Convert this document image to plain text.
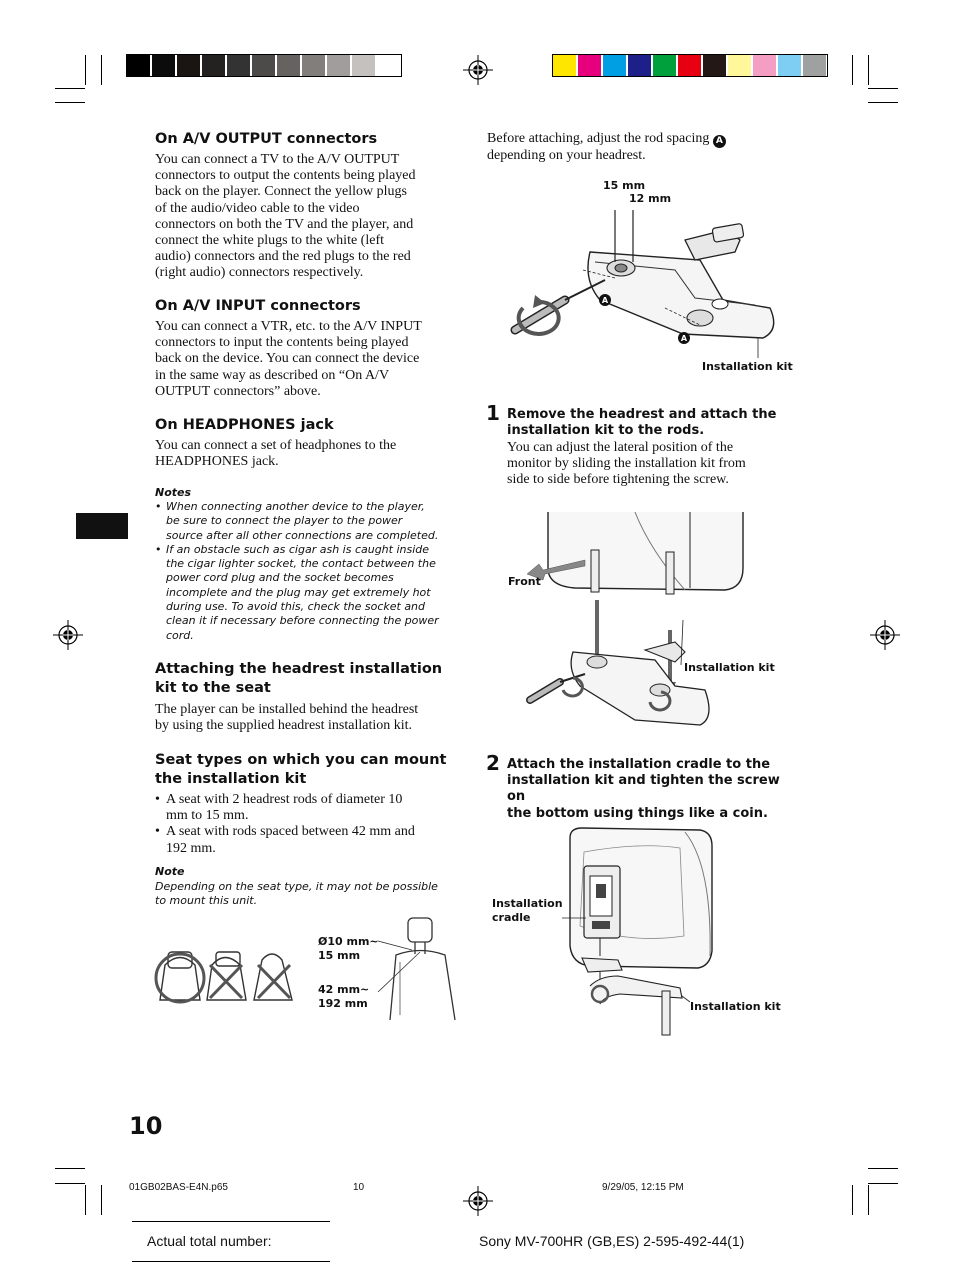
On A/V OUTPUT connectors
You can connect a TV to the A/V OUTPUT
connectors to output the contents being played
back on the player. Connect the yellow plugs
of the audio/video cable to the video
connectors on both the TV and the player, and
connect the white plugs to the white (left
audio) connectors and the red plugs to the red
(right audio) connectors respectively.
On A/V INPUT connectors
You can connect a VTR, etc. to the A/V INPUT
connectors to input the contents being played
back on the device. You can connect the device
in the same way as described on “On A/V
OUTPUT connectors” above.
On HEADPHONES jack
You can connect a set of headphones to the
HEADPHONES jack.
Notes
• When connecting another device to the player,
be sure to connect the player to the power
source after all other connections are completed.
• If an obstacle such as cigar ash is caught inside
the cigar lighter socket, the contact between the
power cord plug and the socket becomes
incomplete and the plug may get extremely hot
during use. To avoid this, check the socket and
clean it if necessary before connecting the power
cord.
Attaching the headrest installation
kit to the seat
The player can be installed behind the headrest
by using the supplied headrest installation kit.
Seat types on which you can mount
the installation kit
• A seat with 2 headrest rods of diameter 10
mm to 15 mm.
• A seat with rods spaced between 42 mm and
192 mm.
Note
Depending on the seat type, it may not be possible
to mount this unit.
Ø10 mm~
15 mm
42 mm~
192 mm
Before attaching, adjust the rod spacing A
depending on your headrest.
A
A
15 mm
12 mm
Installation kit
1 Remove the headrest and attach the
installation kit to the rods.
You can adjust the lateral position of the
monitor by sliding the installation kit from
side to side before tightening the screw.
Front
Installation kit
2 Attach the installation cradle to the
installation kit and tighten the screw on
the bottom using things like a coin.
Installation
cradle
Installation kit
10
01GB02BAS-E4N.p65	10	9/29/05, 12:15 PM
Actual total number:	Sony MV-700HR (GB,ES) 2-595-492-44(1)
